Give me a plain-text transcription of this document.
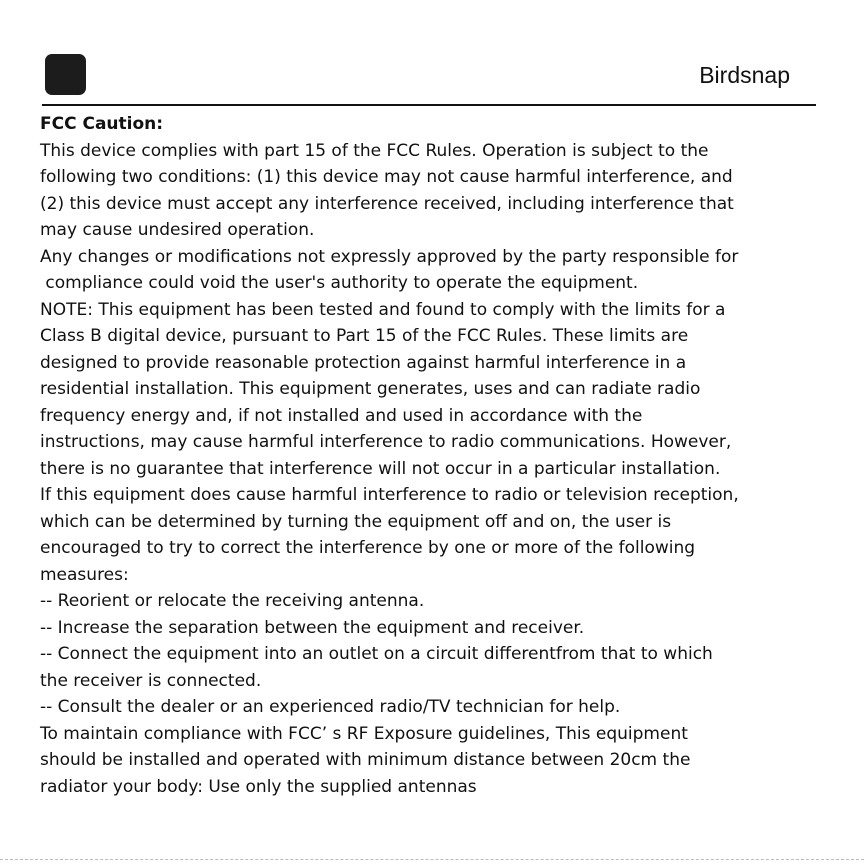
Birdsnap
FCC Caution:
This device complies with part 15 of the FCC Rules. Operation is subject to the
following two conditions: (1) this device may not cause harmful interference, and
(2) this device must accept any interference received, including interference that
may cause undesired operation.
Any changes or modifications not expressly approved by the party responsible for
compliance could void the user's authority to operate the equipment.
NOTE: This equipment has been tested and found to comply with the limits for a
Class B digital device, pursuant to Part 15 of the FCC Rules. These limits are
designed to provide reasonable protection against harmful interference in a
residential installation. This equipment generates, uses and can radiate radio
frequency energy and, if not installed and used in accordance with the
instructions, may cause harmful interference to radio communications. However,
there is no guarantee that interference will not occur in a particular installation.
If this equipment does cause harmful interference to radio or television reception,
which can be determined by turning the equipment off and on, the user is
encouraged to try to correct the interference by one or more of the following
measures:
-- Reorient or relocate the receiving antenna.
-- Increase the separation between the equipment and receiver.
-- Connect the equipment into an outlet on a circuit differentfrom that to which
the receiver is connected.
-- Consult the dealer or an experienced radio/TV technician for help.
To maintain compliance with FCC’ s RF Exposure guidelines, This equipment
should be installed and operated with minimum distance between 20cm the
radiator your body: Use only the supplied antennas
